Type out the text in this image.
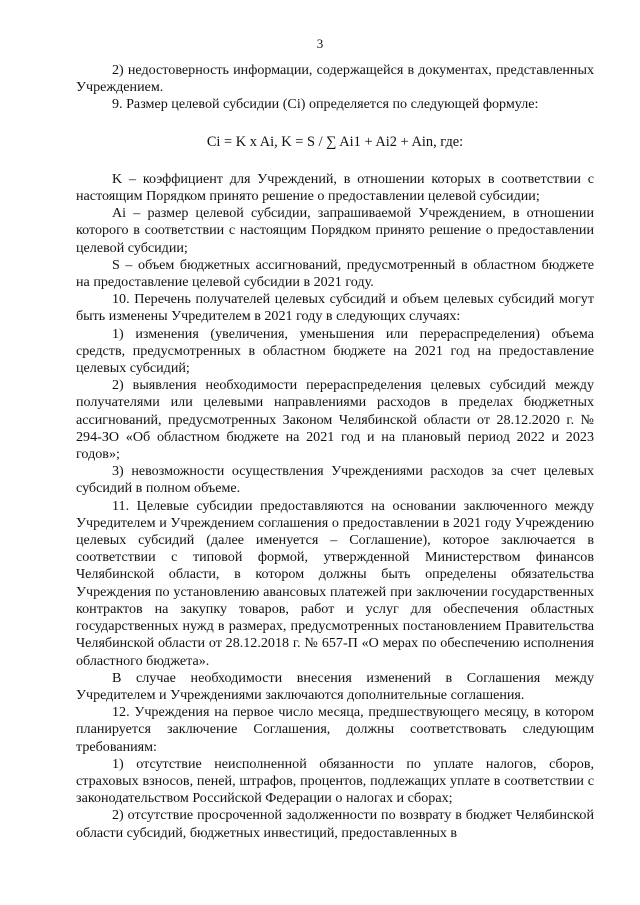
3

2) недостоверность информации, содержащейся в документах, представленных Учреждением.

9. Размер целевой субсидии (Ci) определяется по следующей формуле:

Ci = K x Ai, K = S / ∑ Ai1 + Ai2 + Ain, где:

K – коэффициент для Учреждений, в отношении которых в соответствии с настоящим Порядком принято решение о предоставлении целевой субсидии;

Ai – размер целевой субсидии, запрашиваемой Учреждением, в отношении которого в соответствии с настоящим Порядком принято решение о предоставлении целевой субсидии;

S – объем бюджетных ассигнований, предусмотренный в областном бюджете на предоставление целевой субсидии в 2021 году.

10. Перечень получателей целевых субсидий и объем целевых субсидий могут быть изменены Учредителем в 2021 году в следующих случаях:

1) изменения (увеличения, уменьшения или перераспределения) объема средств, предусмотренных в областном бюджете на 2021 год на предоставление целевых субсидий;

2) выявления необходимости перераспределения целевых субсидий между получателями или целевыми направлениями расходов в пределах бюджетных ассигнований, предусмотренных Законом Челябинской области от 28.12.2020 г. № 294-ЗО «Об областном бюджете на 2021 год и на плановый период 2022 и 2023 годов»;

3) невозможности осуществления Учреждениями расходов за счет целевых субсидий в полном объеме.

11. Целевые субсидии предоставляются на основании заключенного между Учредителем и Учреждением соглашения о предоставлении в 2021 году Учреждению целевых субсидий (далее именуется – Соглашение), которое заключается в соответствии с типовой формой, утвержденной Министерством финансов Челябинской области, в котором должны быть определены обязательства Учреждения по установлению авансовых платежей при заключении государственных контрактов на закупку товаров, работ и услуг для обеспечения областных государственных нужд в размерах, предусмотренных постановлением Правительства Челябинской области от 28.12.2018 г. № 657-П «О мерах по обеспечению исполнения областного бюджета».

В случае необходимости внесения изменений в Соглашения между Учредителем и Учреждениями заключаются дополнительные соглашения.

12. Учреждения на первое число месяца, предшествующего месяцу, в котором планируется заключение Соглашения, должны соответствовать следующим требованиям:

1) отсутствие неисполненной обязанности по уплате налогов, сборов, страховых взносов, пеней, штрафов, процентов, подлежащих уплате в соответствии с законодательством Российской Федерации о налогах и сборах;

2) отсутствие просроченной задолженности по возврату в бюджет Челябинской области субсидий, бюджетных инвестиций, предоставленных в
